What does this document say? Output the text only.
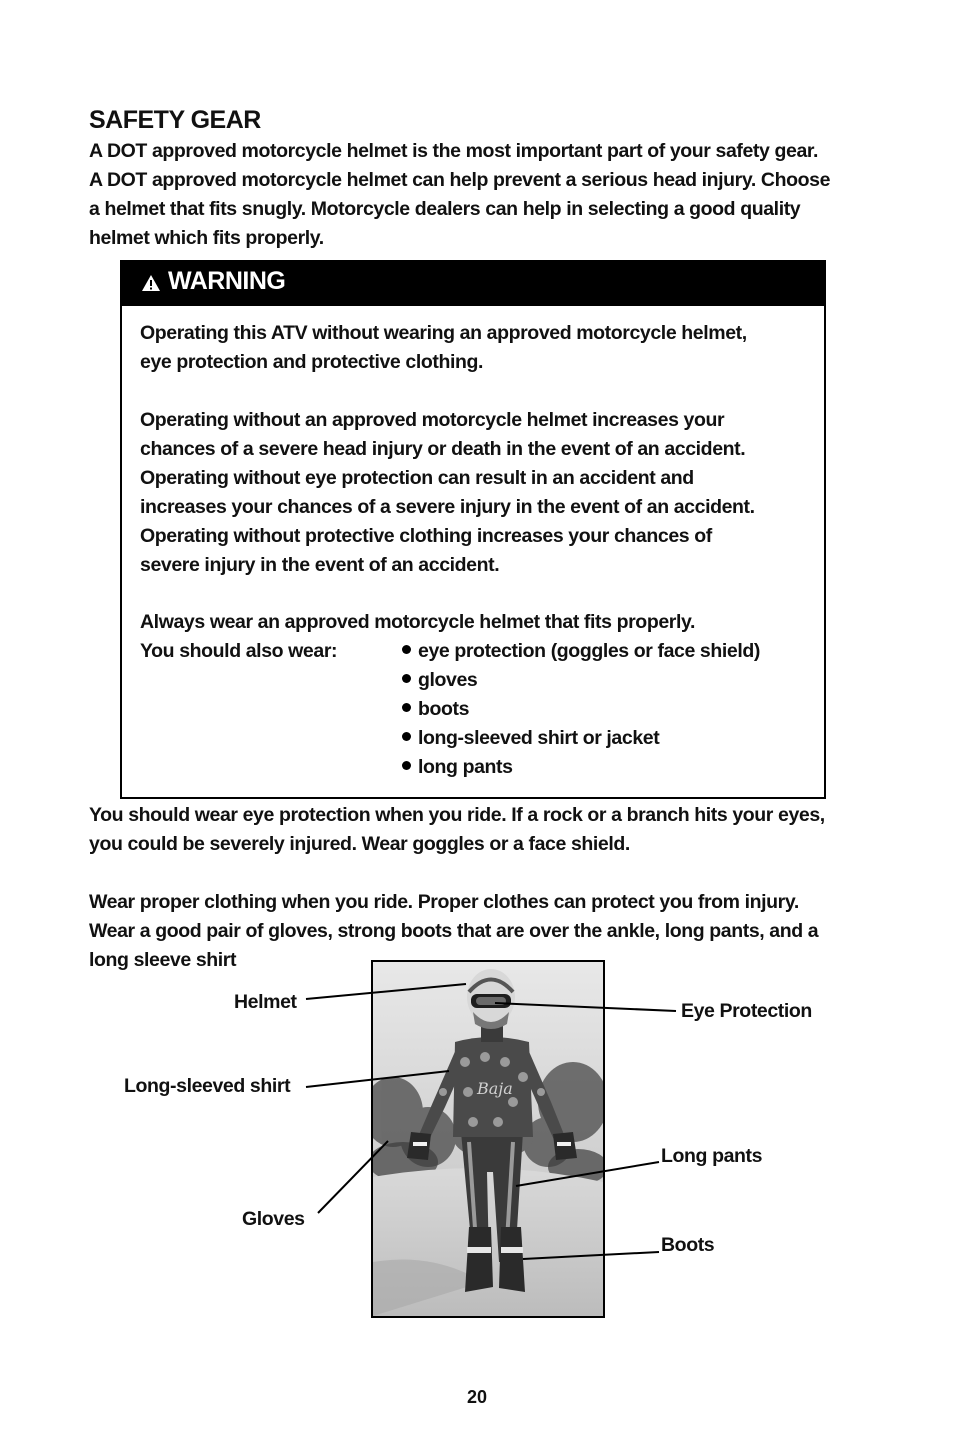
SAFETY GEAR
A DOT approved motorcycle helmet is the most important part of your safety gear.
A DOT approved motorcycle helmet can help prevent a serious head injury. Choose
a helmet that fits snugly. Motorcycle dealers can help in selecting a good quality
helmet which fits properly.
WARNING
Operating this ATV without wearing an approved motorcycle helmet,
eye protection and protective clothing.
Operating without an approved motorcycle helmet increases your
chances of a severe head injury or death in the event of an accident.
Operating without eye protection can result in an accident and
increases your chances of a severe injury in the event of an accident.
Operating without protective clothing increases your chances of
severe injury in the event of an accident.
Always wear an approved motorcycle helmet that fits properly.
You should also wear:	eye protection (goggles or face shield)
gloves
boots
long-sleeved shirt or jacket
long pants
You should wear eye protection when you ride. If a rock or a branch hits your eyes,
you could be severely injured. Wear goggles or a face shield.
Wear proper clothing when you ride. Proper clothes can protect you from injury.
Wear a good pair of gloves, strong boots that are over the ankle, long pants, and a
long sleeve shirt
Baja
Helmet	Eye Protection
Long-sleeved shirt
Long pants
Gloves
Boots
20
